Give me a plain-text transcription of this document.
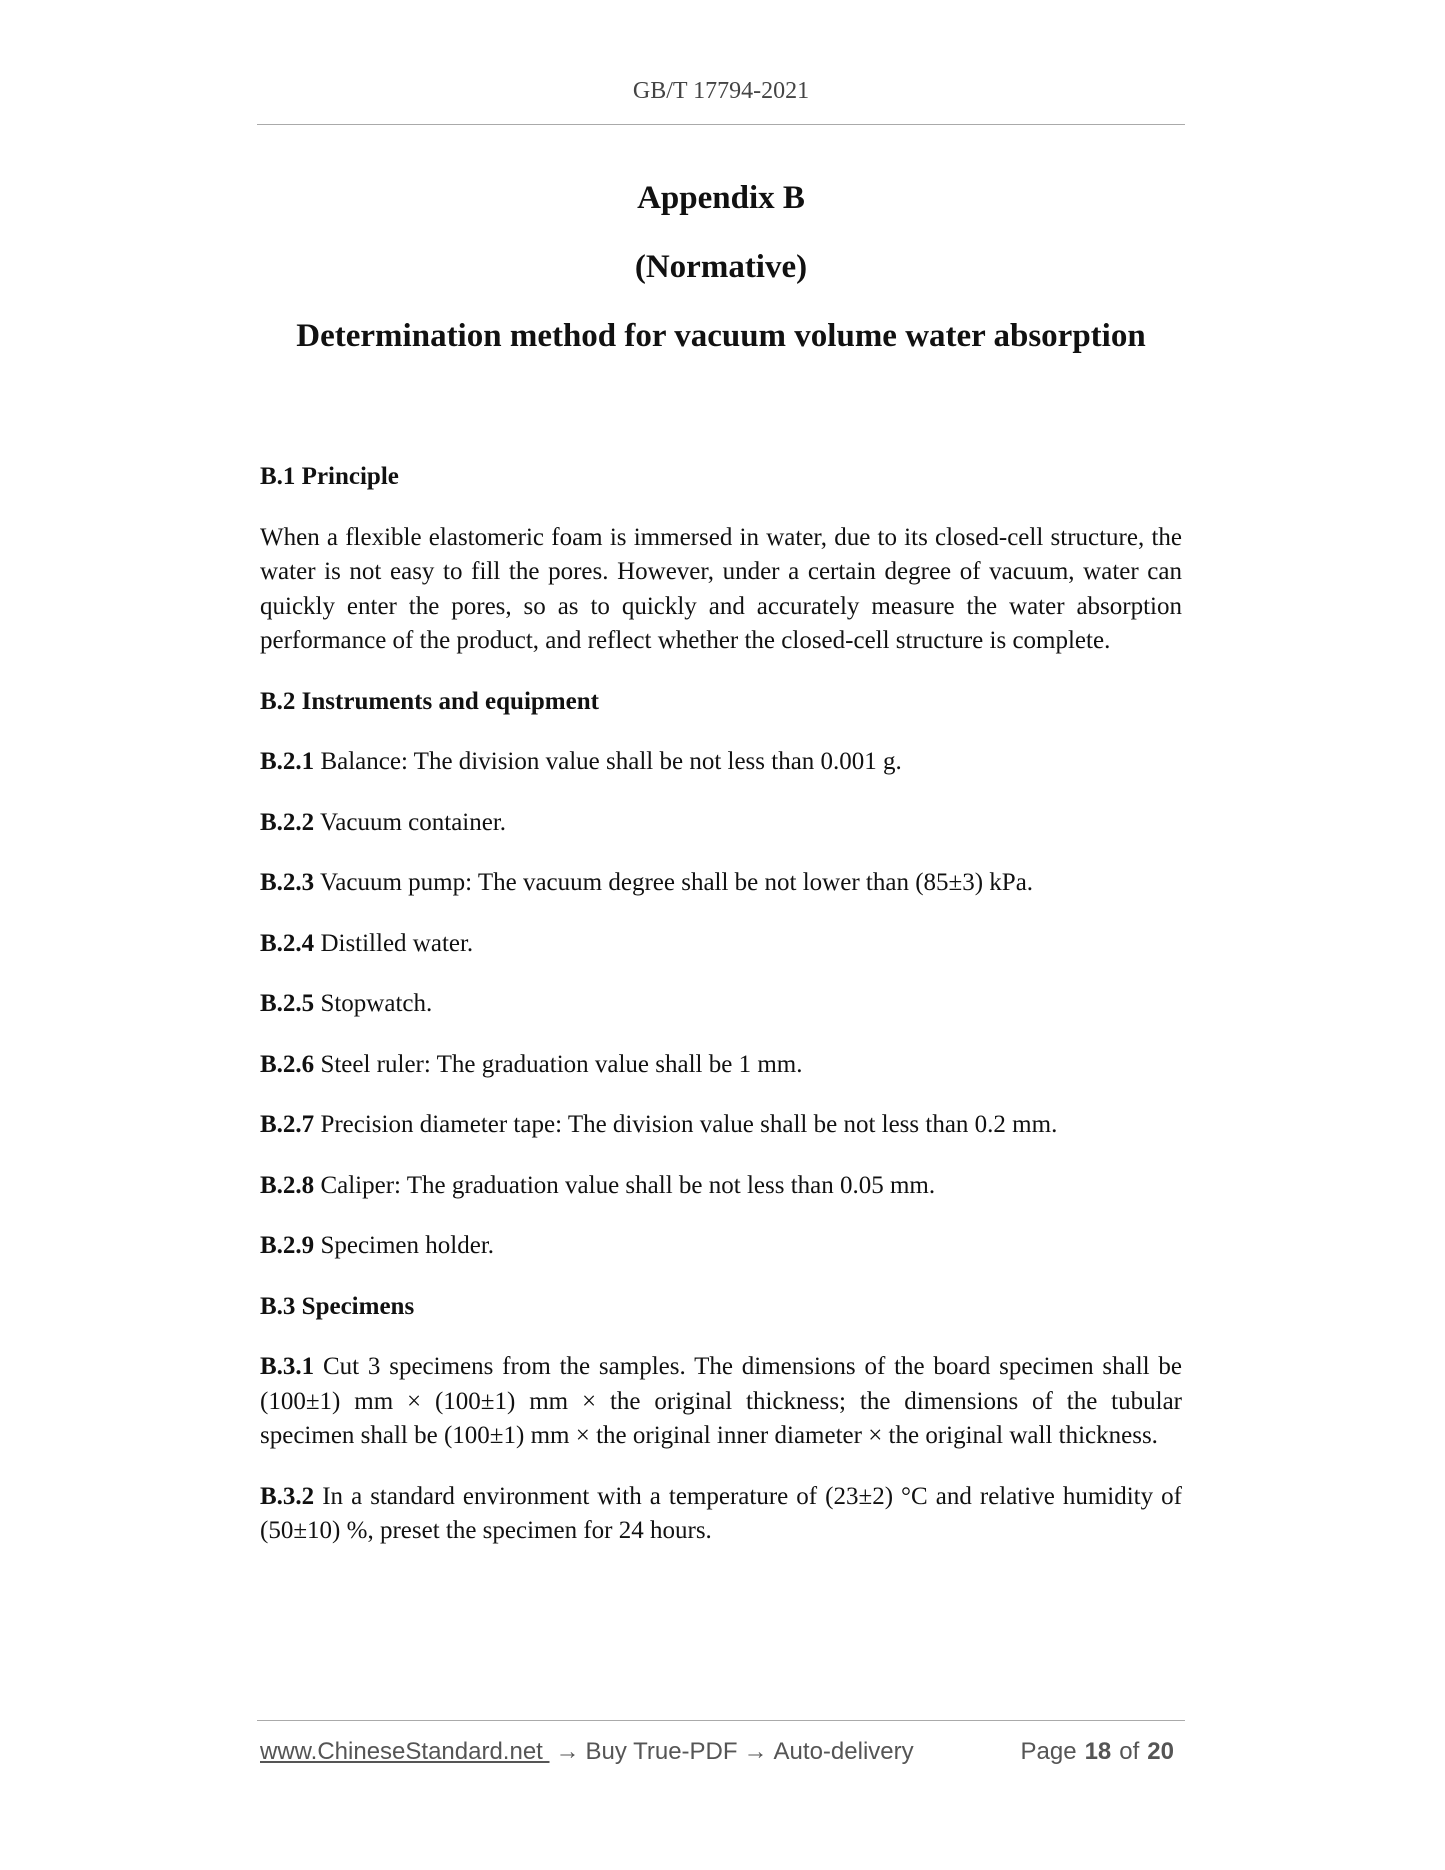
GB/T 17794-2021
Appendix B
(Normative)
Determination method for vacuum volume water absorption

B.1 Principle

When a flexible elastomeric foam is immersed in water, due to its closed-cell structure, the water is not easy to fill the pores. However, under a certain degree of vacuum, water can quickly enter the pores, so as to quickly and accurately measure the water absorption performance of the product, and reflect whether the closed-cell structure is complete.

B.2 Instruments and equipment

B.2.1 Balance: The division value shall be not less than 0.001 g.

B.2.2 Vacuum container.

B.2.3 Vacuum pump: The vacuum degree shall be not lower than (85±3) kPa.

B.2.4 Distilled water.

B.2.5 Stopwatch.

B.2.6 Steel ruler: The graduation value shall be 1 mm.

B.2.7 Precision diameter tape: The division value shall be not less than 0.2 mm.

B.2.8 Caliper: The graduation value shall be not less than 0.05 mm.

B.2.9 Specimen holder.

B.3 Specimens

B.3.1 Cut 3 specimens from the samples. The dimensions of the board specimen shall be (100±1) mm × (100±1) mm × the original thickness; the dimensions of the tubular specimen shall be (100±1) mm × the original inner diameter × the original wall thickness.

B.3.2 In a standard environment with a temperature of (23±2) °C and relative humidity of (50±10) %, preset the specimen for 24 hours.

www.ChineseStandard.net → Buy True-PDF → Auto-delivery	Page 18 of 20
